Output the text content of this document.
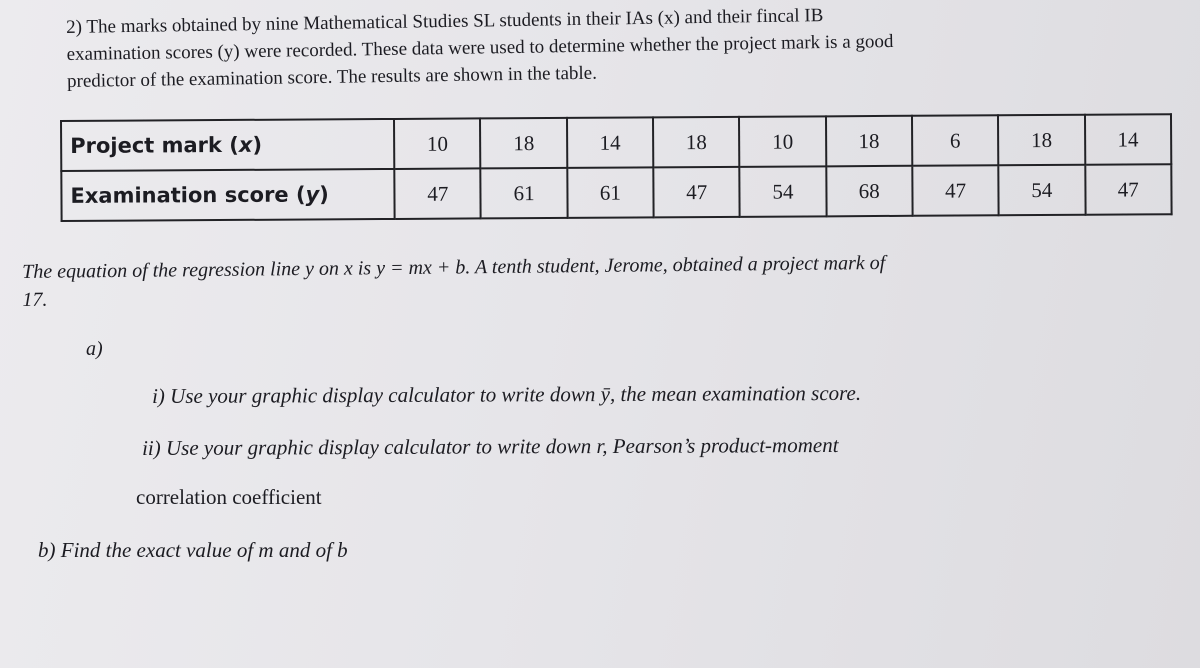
2) The marks obtained by nine Mathematical Studies SL students in their IAs (x) and their fincal IB

examination scores (y) were recorded. These data were used to determine whether the project mark is a good

predictor of the examination score. The results are shown in the table.

Project mark (x)	10	18	14	18	10	18	6	18	14
Examination score (y)	47	61	61	47	54	68	47	54	47

The equation of the regression line y on x is y = mx + b. A tenth student, Jerome, obtained a project mark of

17.

a)
i) Use your graphic display calculator to write down ȳ, the mean examination score.
ii) Use your graphic display calculator to write down r, Pearson’s product-moment
correlation coefficient
b) Find the exact value of m and of b
